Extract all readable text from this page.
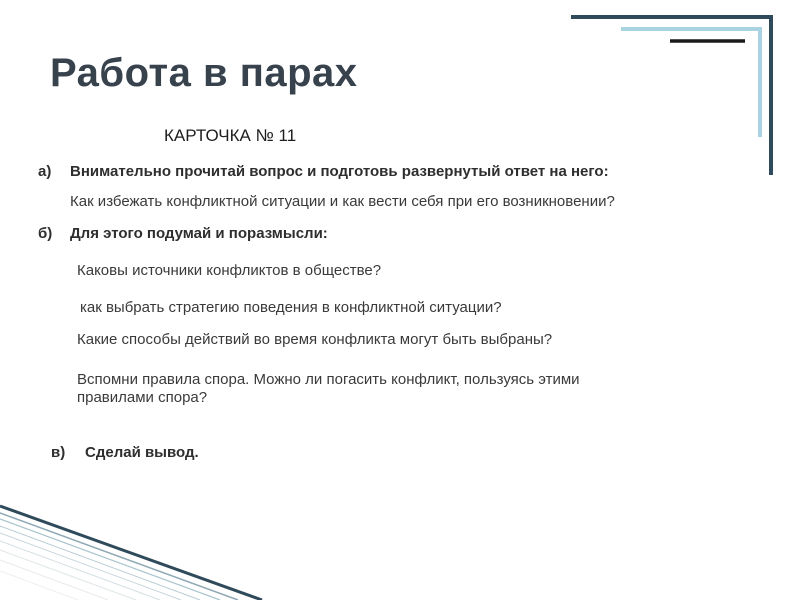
Работа в парах
КАРТОЧКА № 11
а) Внимательно прочитай вопрос и подготовь развернутый ответ на него:
Как избежать конфликтной ситуации и как вести себя при его возникновении?
б) Для этого подумай и поразмысли:
Каковы источники конфликтов в обществе?
как выбрать стратегию поведения в конфликтной ситуации?
Какие способы действий во время конфликта могут быть выбраны?
Вспомни правила спора. Можно ли погасить конфликт, пользуясь этими
правилами спора?
в) Сделай вывод.
